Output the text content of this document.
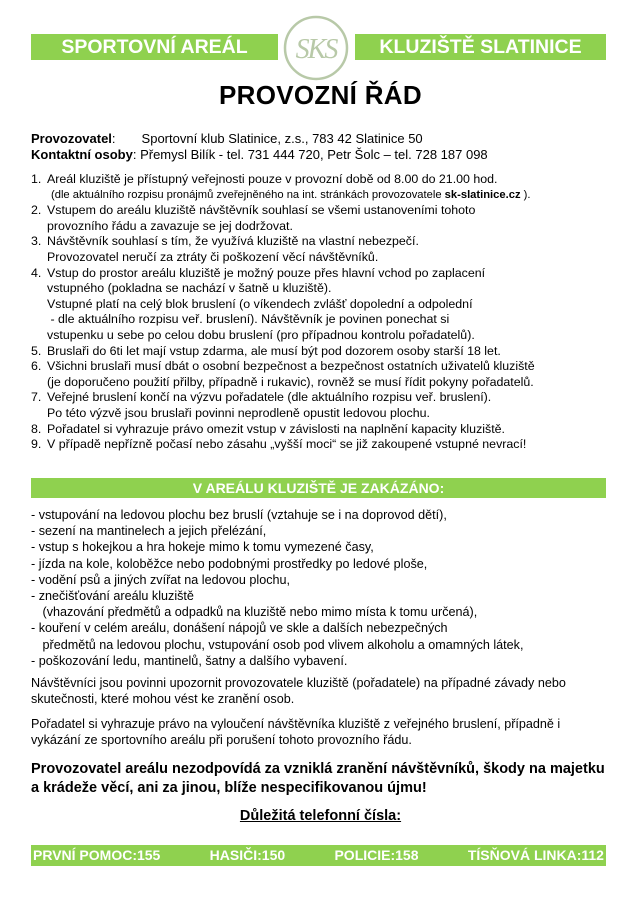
SPORTOVNÍ AREÁL	KLUZIŠTĚ SLATINICE
SKS
PROVOZNÍ ŘÁD
Provozovatel: Sportovní klub Slatinice, z.s., 783 42 Slatinice 50
Kontaktní osoby: Přemysl Bilík - tel. 731 444 720, Petr Šolc – tel. 728 187 098
1. Areál kluziště je přístupný veřejnosti pouze v provozní době od 8.00 do 21.00 hod.
(dle aktuálního rozpisu pronájmů zveřejněného na int. stránkách provozovatele sk-slatinice.cz ).
2. Vstupem do areálu kluziště návštěvník souhlasí se všemi ustanoveními tohoto
provozního řádu a zavazuje se jej dodržovat.
3. Návštěvník souhlasí s tím, že využívá kluziště na vlastní nebezpečí.
Provozovatel neručí za ztráty či poškození věcí návštěvníků.
4. Vstup do prostor areálu kluziště je možný pouze přes hlavní vchod po zaplacení
vstupného (pokladna se nachází v šatně u kluziště).
Vstupné platí na celý blok bruslení (o víkendech zvlášť dopolední a odpolední
- dle aktuálního rozpisu veř. bruslení). Návštěvník je povinen ponechat si
vstupenku u sebe po celou dobu bruslení (pro případnou kontrolu pořadatelů).
5. Bruslaři do 6ti let mají vstup zdarma, ale musí být pod dozorem osoby starší 18 let.
6. Všichni bruslaři musí dbát o osobní bezpečnost a bezpečnost ostatních uživatelů kluziště
(je doporučeno použití přilby, případně i rukavic), rovněž se musí řídit pokyny pořadatelů.
7. Veřejné bruslení končí na výzvu pořadatele (dle aktuálního rozpisu veř. bruslení).
Po této výzvě jsou bruslaři povinni neprodleně opustit ledovou plochu.
8. Pořadatel si vyhrazuje právo omezit vstup v závislosti na naplnění kapacity kluziště.
9. V případě nepřízně počasí nebo zásahu „vyšší moci“ se již zakoupené vstupné nevrací!
V AREÁLU KLUZIŠTĚ JE ZAKÁZÁNO:
- vstupování na ledovou plochu bez bruslí (vztahuje se i na doprovod dětí),
- sezení na mantinelech a jejich přelézání,
- vstup s hokejkou a hra hokeje mimo k tomu vymezené časy,
- jízda na kole, koloběžce nebo podobnými prostředky po ledové ploše,
- vodění psů a jiných zvířat na ledovou plochu,
- znečišťování areálu kluziště
(vhazování předmětů a odpadků na kluziště nebo mimo místa k tomu určená),
- kouření v celém areálu, donášení nápojů ve skle a dalších nebezpečných
předmětů na ledovou plochu, vstupování osob pod vlivem alkoholu a omamných látek,
- poškozování ledu, mantinelů, šatny a dalšího vybavení.
Návštěvníci jsou povinni upozornit provozovatele kluziště (pořadatele) na případné závady nebo skutečnosti, které mohou vést ke zranění osob.
Pořadatel si vyhrazuje právo na vyloučení návštěvníka kluziště z veřejného bruslení, případně i vykázání ze sportovního areálu při porušení tohoto provozního řádu.
Provozovatel areálu nezodpovídá za vzniklá zranění návštěvníků, škody na majetku a krádeže věcí, ani za jinou, blíže nespecifikovanou újmu!
Důležitá telefonní čísla:
PRVNÍ POMOC:155	HASIČI:150	POLICIE:158	TÍSŇOVÁ LINKA:112
